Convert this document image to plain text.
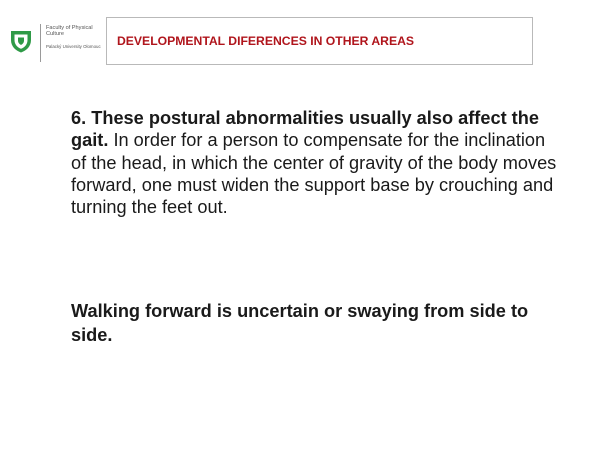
Faculty of Physical Culture
Palacký University Olomouc	DEVELOPMENTAL DIFERENCES IN OTHER AREAS
6. These postural abnormalities usually also affect the gait. In order for a person to compensate for the inclination of the head, in which the center of gravity of the body moves forward, one must widen the support base by crouching and turning the feet out.
Walking forward is uncertain or swaying from side to side.
